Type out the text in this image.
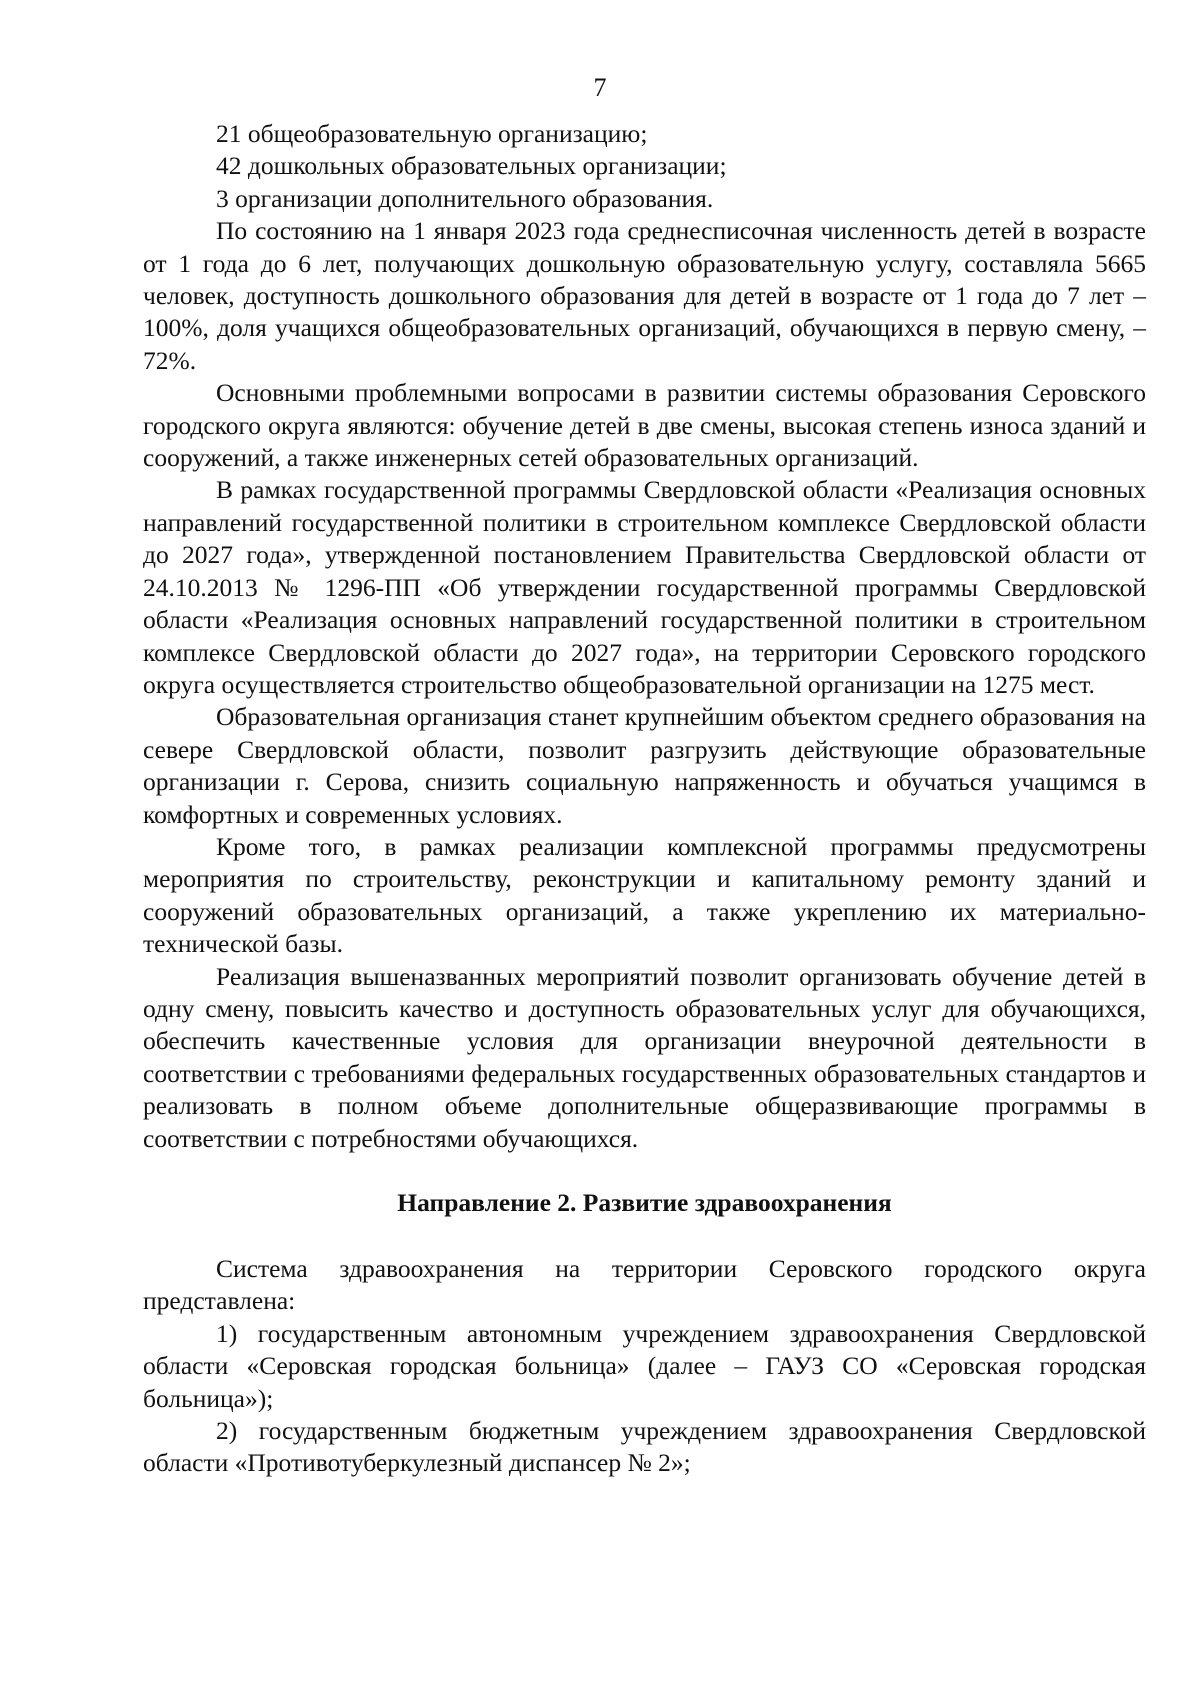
7

21 общеобразовательную организацию;

42 дошкольных образовательных организации;

3 организации дополнительного образования.

По состоянию на 1 января 2023 года среднесписочная численность детей в возрасте от 1 года до 6 лет, получающих дошкольную образовательную услугу, составляла 5665 человек, доступность дошкольного образования для детей в возрасте от 1 года до 7 лет – 100%, доля учащихся общеобразовательных организаций, обучающихся в первую смену, – 72%.

Основными проблемными вопросами в развитии системы образования Серовского городского округа являются: обучение детей в две смены, высокая степень износа зданий и сооружений, а также инженерных сетей образовательных организаций.

В рамках государственной программы Свердловской области «Реализация основных направлений государственной политики в строительном комплексе Свердловской области до 2027 года», утвержденной постановлением Правительства Свердловской области от 24.10.2013 № 1296-ПП «Об утверждении государственной программы Свердловской области «Реализация основных направлений государственной политики в строительном комплексе Свердловской области до 2027 года», на территории Серовского городского округа осуществляется строительство общеобразовательной организации на 1275 мест.

Образовательная организация станет крупнейшим объектом среднего образования на севере Свердловской области, позволит разгрузить действующие образовательные организации г. Серова, снизить социальную напряженность и обучаться учащимся в комфортных и современных условиях.

Кроме того, в рамках реализации комплексной программы предусмотрены мероприятия по строительству, реконструкции и капитальному ремонту зданий и сооружений образовательных организаций, а также укреплению их материально-технической базы.

Реализация вышеназванных мероприятий позволит организовать обучение детей в одну смену, повысить качество и доступность образовательных услуг для обучающихся, обеспечить качественные условия для организации внеурочной деятельности в соответствии с требованиями федеральных государственных образовательных стандартов и реализовать в полном объеме дополнительные общеразвивающие программы в соответствии с потребностями обучающихся.

Направление 2. Развитие здравоохранения

Система здравоохранения на территории Серовского городского округа представлена:

1) государственным автономным учреждением здравоохранения Свердловской области «Серовская городская больница» (далее – ГАУЗ СО «Серовская городская больница»);

2) государственным бюджетным учреждением здравоохранения Свердловской области «Противотуберкулезный диспансер № 2»;
